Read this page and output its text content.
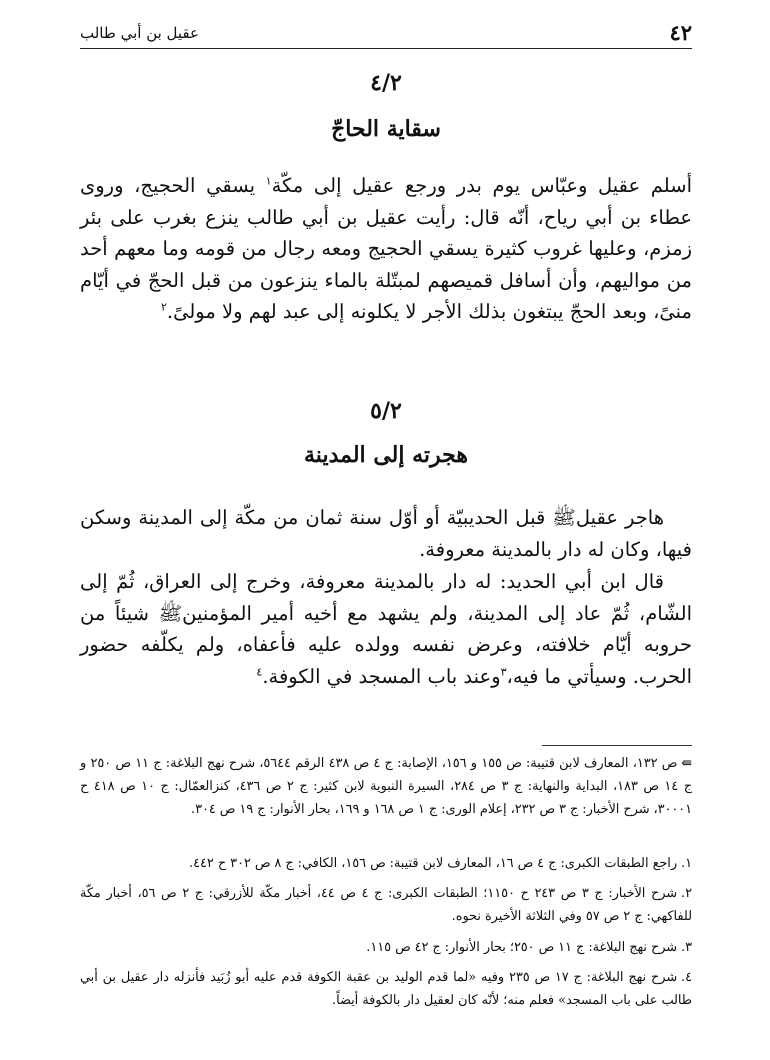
٤٢
عقيل بن أبي طالب
٤/٢
سقاية الحاجّ

أسلم عقيل وعبّاس يوم بدر ورجع عقيل إلى مكّة$^١$ يسقي الحجيج، وروى عطاء بن أبي رياح، أنّه قال: رأيت عقيل بن أبي طالب ينزع بغرب على بئر زمزم، وعليها غروب كثيرة يسقي الحجيج ومعه رجال من قومه وما معهم أحد من مواليهم، وأن أسافل قميصهم لمبتّلة بالماء ينزعون من قبل الحجّ في أيّام منىً، وبعد الحجّ يبتغون بذلك الأجر لا يكلونه إلى عبد لهم ولا مولىً.$^٢$

٥/٢
هجرته إلى المدينة

هاجر عقيلﷺ قبل الحديبيّة أو أوّل سنة ثمان من مكّة إلى المدينة وسكن فيها، وكان له دار بالمدينة معروفة.

قال ابن أبي الحديد: له دار بالمدينة معروفة، وخرج إلى العراق، ثُمّ إلى الشّام، ثُمّ عاد إلى المدينة، ولم يشهد مع أخيه أمير المؤمنينﷺ شيئاً من حروبه أيّام خلافته، وعرض نفسه وولده عليه فأعفاه، ولم يكلّفه حضور الحرب. وسيأتي ما فيه،$^٣$وعند باب المسجد في الكوفة.$^٤$

⇚ص ١٣٢، المعارف لابن قتيبة: ص ١٥٥ و ١٥٦، الإصابة: ج ٤ ص ٤٣٨ الرقم ٥٦٤٤، شرح نهج البلاغة: ج ١١ ص ٢٥٠ و ج ١٤ ص ١٨٣، البداية والنهاية: ج ٣ ص ٢٨٤، السيرة النبوية لابن كثير: ج ٢ ص ٤٣٦، كنزالعمّال: ج ١٠ ص ٤١٨ ح ٣٠٠٠١، شرح الأخبار: ج ٣ ص ٢٣٢، إعلام الورى: ج ١ ص ١٦٨ و ١٦٩، بحار الأنوار: ج ١٩ ص ٣٠٤.

١.راجع الطبقات الكبرى: ج ٤ ص ١٦، المعارف لابن قتيبة: ص ١٥٦، الكافي: ج ٨ ص ٣٠٢ ح ٤٤٢.

٢.شرح الأخبار: ج ٣ ص ٢٤٣ ح ١١٥٠؛ الطبقات الكبرى: ج ٤ ص ٤٤، أخبار مكّة للأزرقي: ج ٢ ص ٥٦، أخبار مكّة للفاكهي: ج ٢ ص ٥٧ وفي الثلاثة الأخيرة نحوه.

٣.شرح نهج البلاغة: ج ١١ ص ٢٥٠؛ بحار الأنوار: ج ٤٢ ص ١١٥.

٤.شرح نهج البلاغة: ج ١٧ ص ٢٣٥ وفيه «لما قدم الوليد بن عقبة الكوفة قدم عليه أبو زُبَيد فأنزله دار عقيل بن أبي طالب على باب المسجد» فعلم منه؛ لأنّه كان لعقيل دار بالكوفة أيضاً.
